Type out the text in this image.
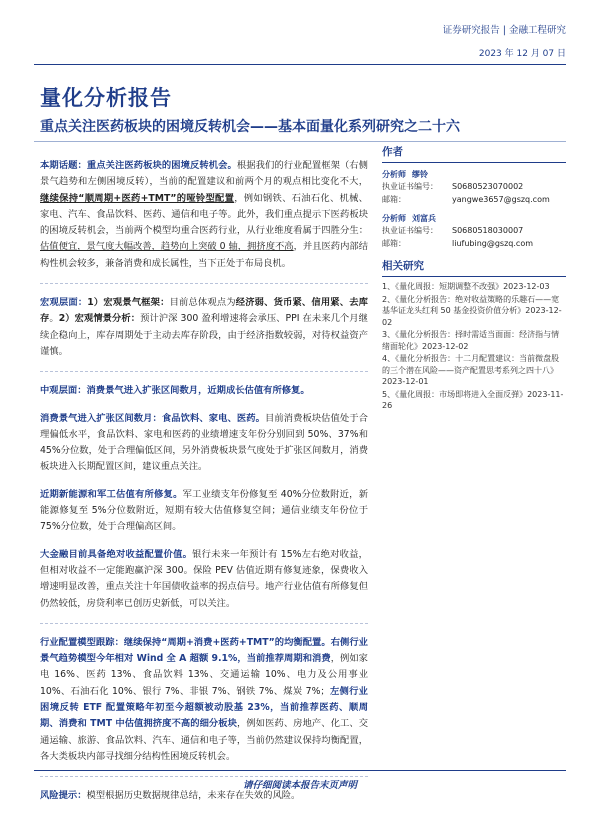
证券研究报告 | 金融工程研究
2023 年 12 月 07 日
量化分析报告
重点关注医药板块的困境反转机会——基本面量化系列研究之二十六

本期话题：重点关注医药板块的困境反转机会。根据我们的行业配置框架（右侧景气趋势和左侧困境反转），当前的配置建议和前两个月的观点相比变化不大，继续保持“顺周期+医药+TMT”的哑铃型配置，例如钢铁、石油石化、机械、家电、汽车、食品饮料、医药、通信和电子等。此外，我们重点提示下医药板块的困境反转机会，当前两个模型均重合医药行业，从行业维度看属于四胜分生：估值便宜，景气度大幅改善，趋势向上突破 0 轴，拥挤度不高，并且医药内部结构性机会较多，兼备消费和成长属性，当下正处于布局良机。

宏观层面：1）宏观景气框架：目前总体观点为经济弱、货币紧、信用紧、去库存。2）宏观情景分析：预计沪深 300 盈利增速将会承压、PPI 在未来几个月继续企稳向上，库存周期处于主动去库存阶段，由于经济指数较弱，对待权益资产谨慎。

中观层面：消费景气进入扩张区间数月，近期成长估值有所修复。

消费景气进入扩张区间数月：食品饮料、家电、医药。目前消费板块估值处于合理偏低水平，食品饮料、家电和医药的业绩增速支年份分别回到 50%、37%和 45%分位数，处于合理偏低区间，另外消费板块景气度处于扩张区间数月，消费板块进入长期配置区间，建议重点关注。

近期新能源和军工估值有所修复。军工业绩支年份修复至 40%分位数附近，新能源修复至 5%分位数附近，短期有较大估值修复空间；通信业绩支年份位于 75%分位数，处于合理偏高区间。

大金融目前具备绝对收益配置价值。银行未来一年预计有 15%左右绝对收益，但相对收益不一定能跑赢沪深 300。保险 PEV 估值近期有修复迹象，保费收入增速明显改善，重点关注十年国债收益率的拐点信号。地产行业估值有所修复但仍然较低，房贷利率已创历史新低，可以关注。

行业配置模型跟踪：继续保持“周期+消费+医药+TMT”的均衡配置。右侧行业景气趋势模型今年相对 Wind 全 A 超额 9.1%，当前推荐周期和消费，例如家电 16%、医药 13%、食品饮料 13%、交通运输 10%、电力及公用事业 10%、石油石化 10%、银行 7%、非银 7%、钢铁 7%、煤炭 7%；左侧行业困境反转 ETF 配置策略年初至今超额被动股基 23%，当前推荐医药、顺周期、消费和 TMT 中估值拥挤度不高的细分板块，例如医药、房地产、化工、交通运输、旅游、食品饮料、汽车、通信和电子等，当前仍然建议保持均衡配置，各大类板块内部寻找细分结构性困境反转机会。

风险提示：模型根据历史数据规律总结，未来存在失效的风险。

作者
分析师 缪铃
执业证书编号：	S0680523070002
邮箱：	yangwe3657@gszq.com
分析师 刘富兵
执业证书编号：	S0680518030007
邮箱：	liufubing@gszq.com
相关研究
1、《量化周报：短期调整不改强》2023-12-03
2、《量化分析报告：绝对收益策略的乐趣石——宽基华证龙头红利 50 基金投资价值分析》2023-12-02
3、《量化分析报告：择时需适当面面：经济指与情绪面轮化》2023-12-02
4、《量化分析报告：十二月配置建议：当前微盘股的三个潜在风险——资产配置思考系列之四十八》2023-12-01
5、《量化周报：市场即将进入全面反弹》2023-11-26
请仔细阅读本报告末页声明
